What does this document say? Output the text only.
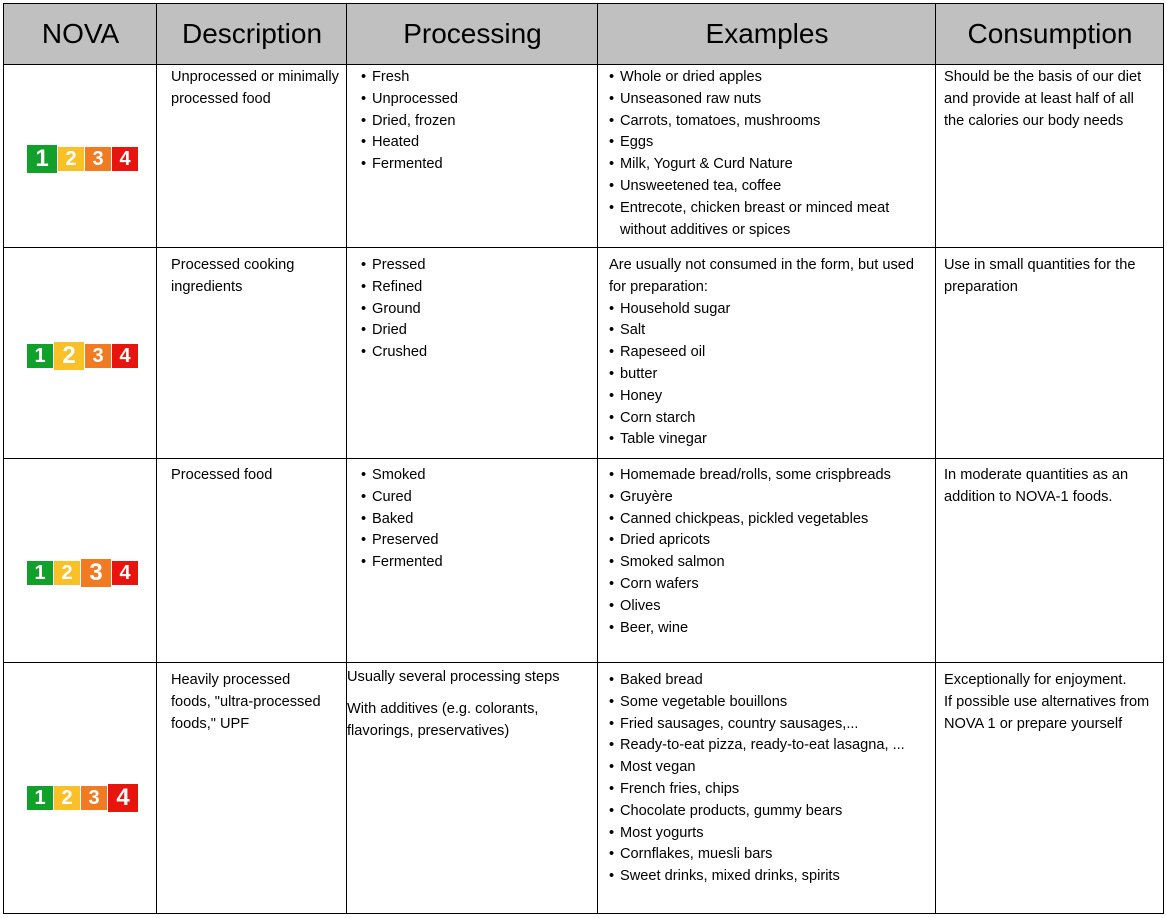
NOVA	Description	Processing	Examples	Consumption
1 2 3 4
Unprocessed or minimally processed food
• Fresh
• Unprocessed
• Dried, frozen
• Heated
• Fermented
• Whole or dried apples
• Unseasoned raw nuts
• Carrots, tomatoes, mushrooms
• Eggs
• Milk, Yogurt & Curd Nature
• Unsweetened tea, coffee
• Entrecote, chicken breast or minced meat without additives or spices

Should be the basis of our diet and provide at least half of all the calories our body needs

1 2 3 4
Processed cooking ingredients
• Pressed
• Refined
• Ground
• Dried
• Crushed
Are usually not consumed in the form, but used for preparation:
• Household sugar
• Salt
• Rapeseed oil
• butter
• Honey
• Corn starch
• Table vinegar

Use in small quantities for the preparation

1 2 3 4
Processed food
•	Smoked
• Cured
• Baked
• Preserved
• Fermented
• Homemade bread/rolls, some crispbreads
• Gruyère
• Canned chickpeas, pickled vegetables
• Dried apricots
• Smoked salmon
• Corn wafers
• Olives
• Beer, wine

In moderate quantities as an addition to NOVA-1 foods.

1 2 3 4
Heavily processed foods, "ultra-processed foods," UPF

Usually several processing steps

With additives (e.g. colorants, flavorings, preservatives)

• Baked bread
• Some vegetable bouillons
• Fried sausages, country sausages,...
• Ready-to-eat pizza, ready-to-eat lasagna, ...
• Most vegan
• French fries, chips
• Chocolate products, gummy bears
• Most yogurts
• Cornflakes, muesli bars
• Sweet drinks, mixed drinks, spirits

Exceptionally for enjoyment.

If possible use alternatives from NOVA 1 or prepare yourself
